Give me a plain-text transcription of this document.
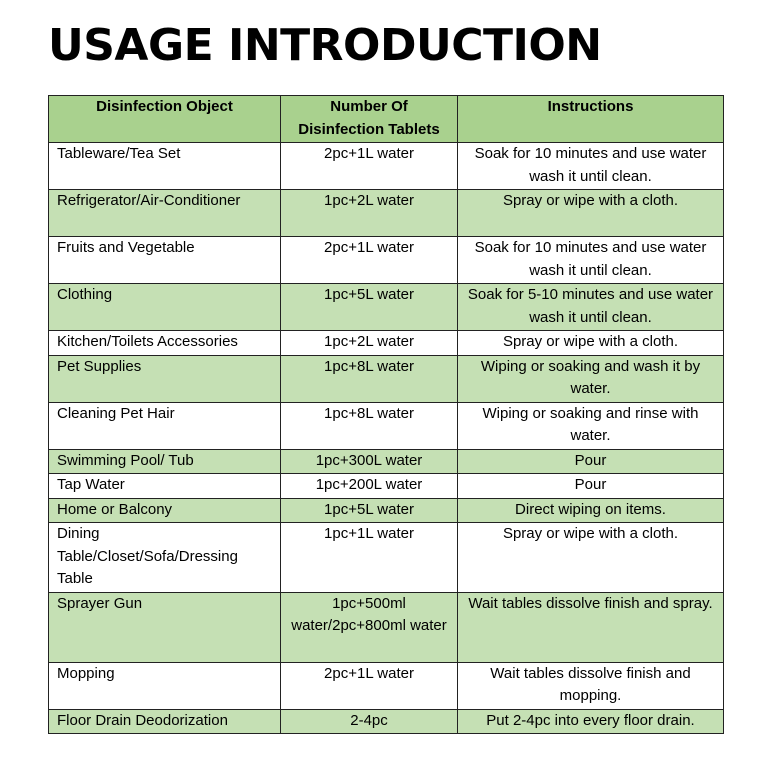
USAGE INTRODUCTION
Disinfection Object	Number Of Disinfection Tablets	Instructions
Tableware/Tea Set	2pc+1L water	Soak for 10 minutes and use water wash it until clean.
Refrigerator/Air-Conditioner	1pc+2L water	Spray or wipe with a cloth.
Fruits and Vegetable	2pc+1L water	Soak for 10 minutes and use water wash it until clean.
Clothing	1pc+5L water	Soak for 5-10 minutes and use water wash it until clean.
Kitchen/Toilets Accessories	1pc+2L water	Spray or wipe with a cloth.
Pet Supplies	1pc+8L water	Wiping or soaking and wash it by water.
Cleaning Pet Hair	1pc+8L water	Wiping or soaking and rinse with water.
Swimming Pool/ Tub	1pc+300L water	Pour
Tap Water	1pc+200L water	Pour
Home or Balcony	1pc+5L water	Direct wiping on items.
Dining Table/Closet/Sofa/Dressing Table	1pc+1L water	Spray or wipe with a cloth.
Sprayer Gun	1pc+500ml water/2pc+800ml water	Wait tables dissolve finish and spray.
Mopping	2pc+1L water	Wait tables dissolve finish and mopping.
Floor Drain Deodorization	2-4pc	Put 2-4pc into every floor drain.
